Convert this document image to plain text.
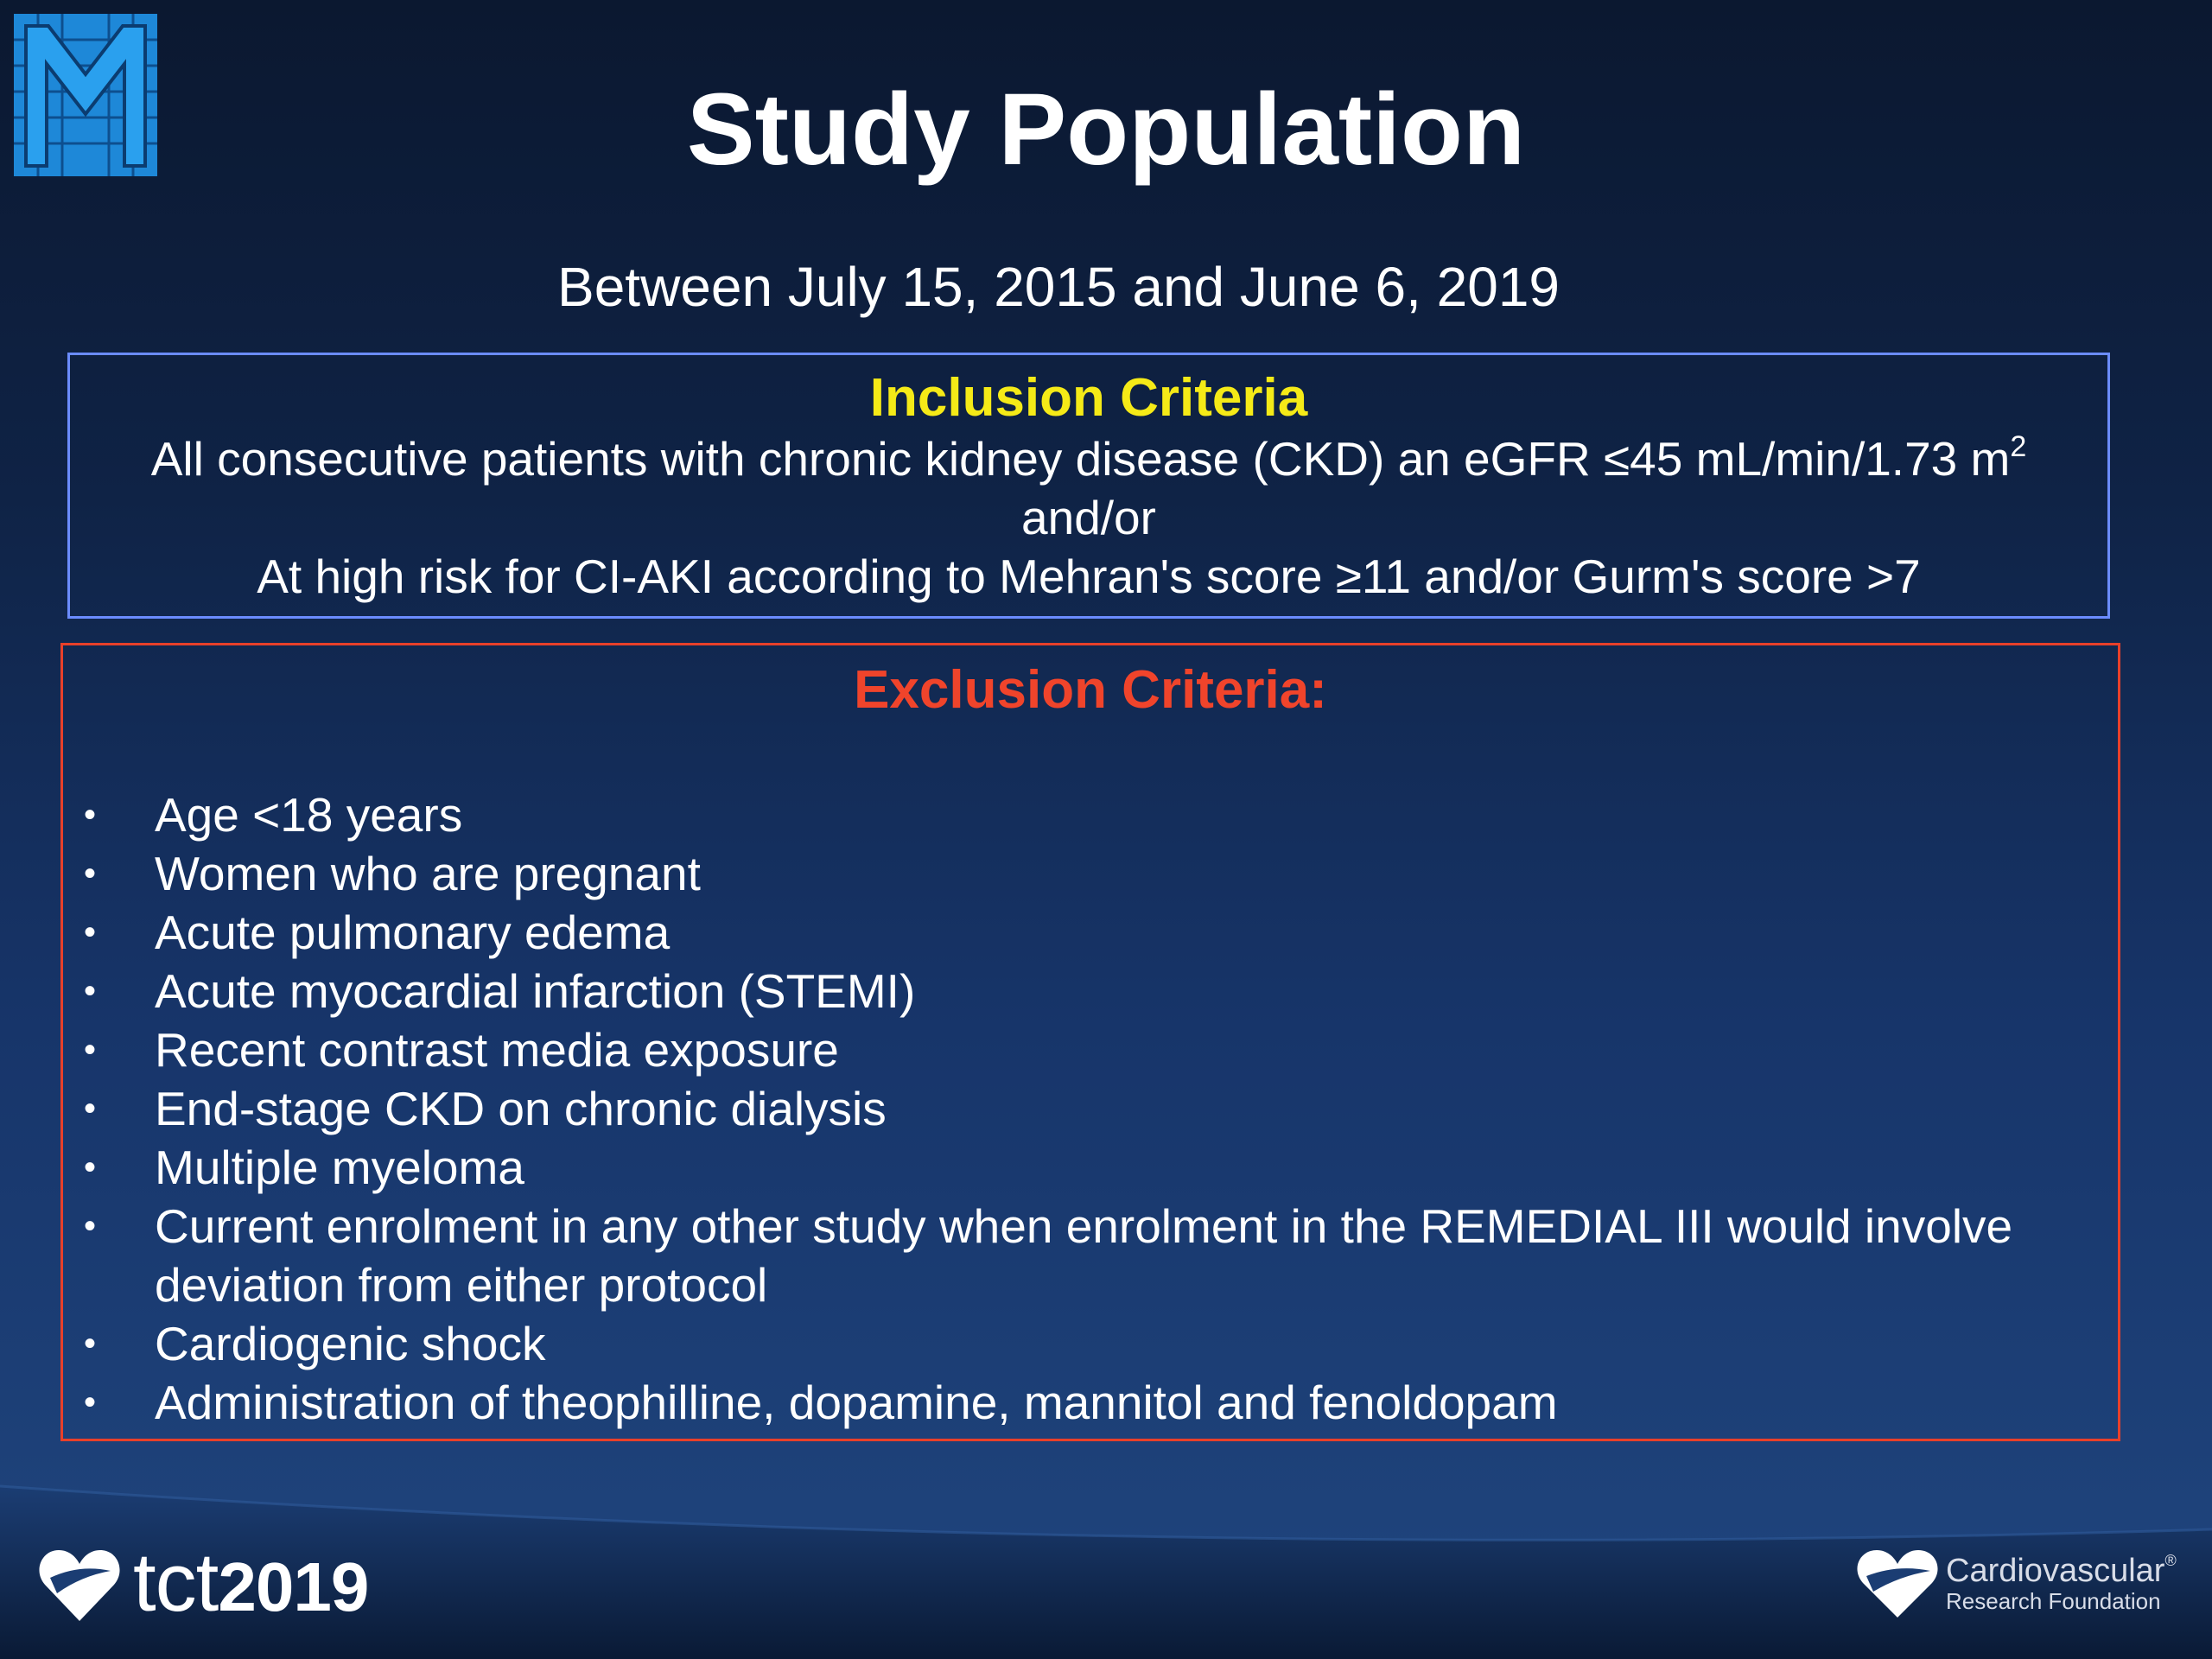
Study Population
Between July 15, 2015 and June 6, 2019
Inclusion Criteria
All consecutive patients with chronic kidney disease (CKD) an eGFR ≤45 mL/min/1.73 $m^2$
and/or
At high risk for CI-AKI according to Mehran's score ≥11 and/or Gurm's score >7
Exclusion Criteria:
•	Age <18 years
•	Women who are pregnant
•	Acute pulmonary edema
•	Acute myocardial infarction (STEMI)
•	Recent contrast media exposure
•	End-stage CKD on chronic dialysis
•	Multiple myeloma
•	Current enrolment in any other study when enrolment in the REMEDIAL III would involve deviation from either protocol
•	Cardiogenic shock
•	Administration of theophilline, dopamine, mannitol and fenoldopam
tct2019	Cardiovascular®
Research Foundation
